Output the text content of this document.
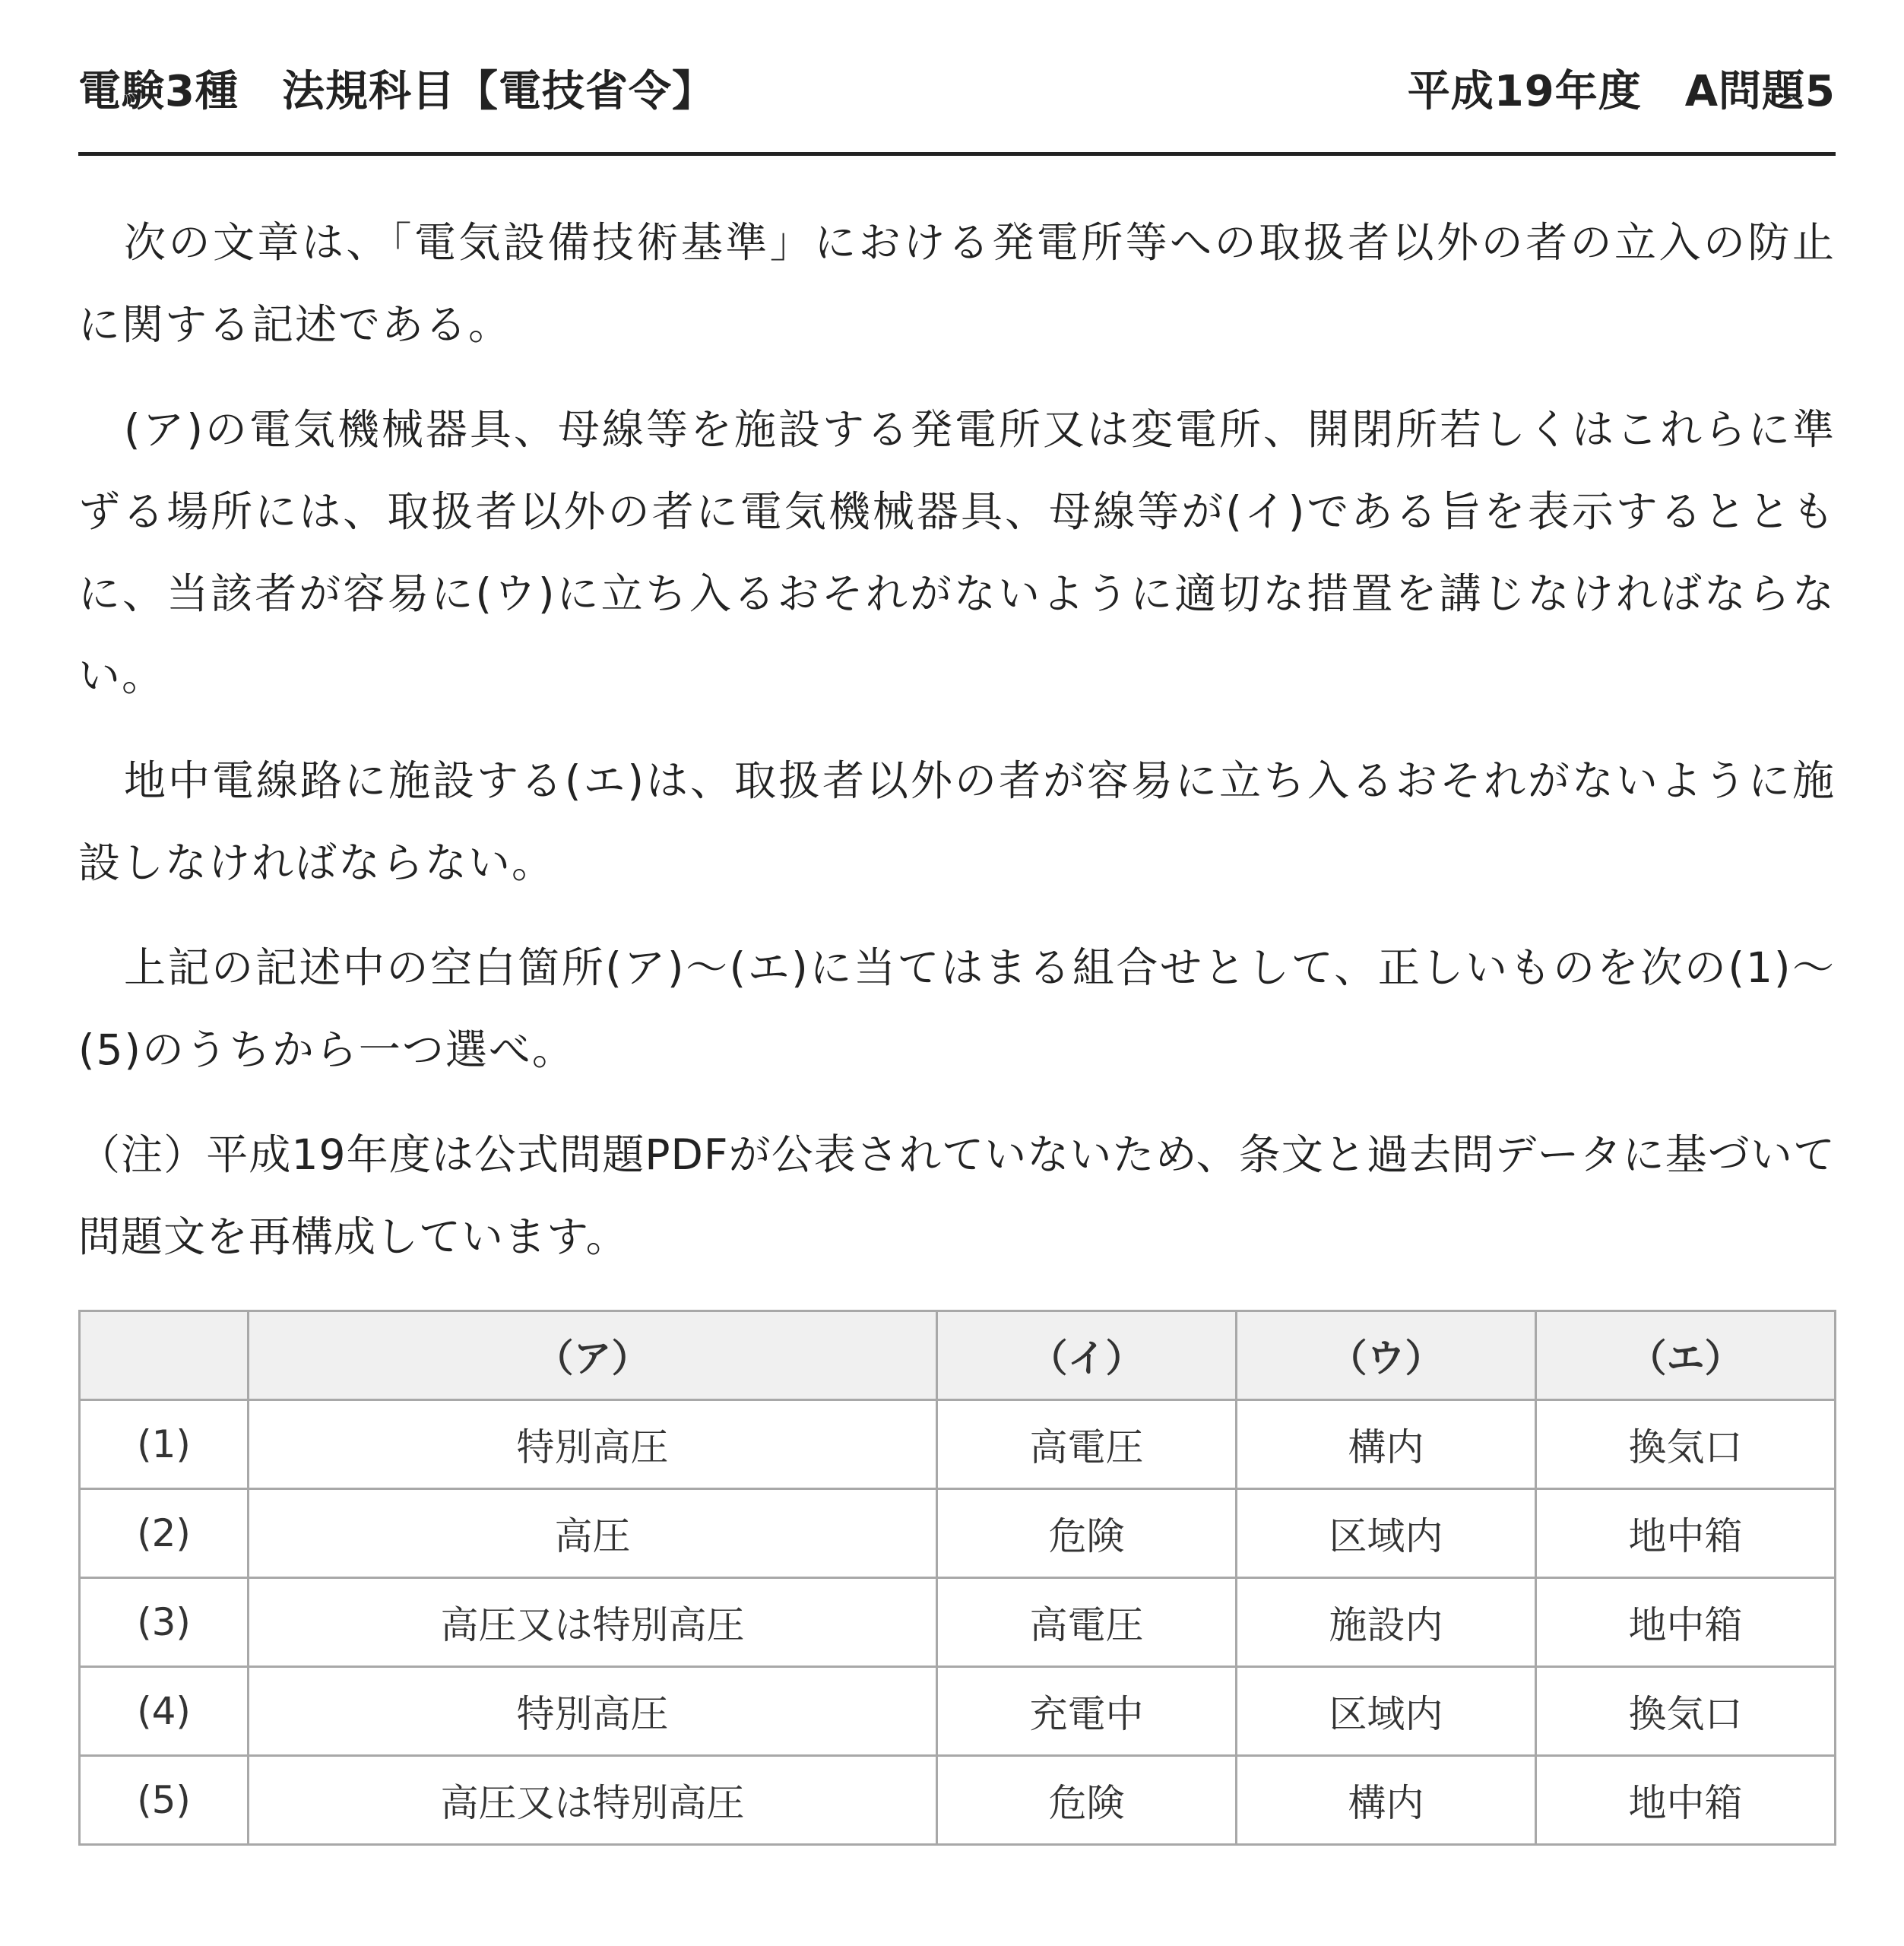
電験3種　法規科目【電技省令】	平成19年度　A問題5

次の文章は、「電気設備技術基準」における発電所等への取扱者以外の者の立入の防止に関する記述である。

(ア)の電気機械器具、母線等を施設する発電所又は変電所、開閉所若しくはこれらに準ずる場所には、取扱者以外の者に電気機械器具、母線等が(イ)である旨を表示するとともに、当該者が容易に(ウ)に立ち入るおそれがないように適切な措置を講じなければならない。

地中電線路に施設する(エ)は、取扱者以外の者が容易に立ち入るおそれがないように施設しなければならない。

上記の記述中の空白箇所(ア)〜(エ)に当てはまる組合せとして、正しいものを次の(1)〜(5)のうちから一つ選べ。

（注）平成19年度は公式問題PDFが公表されていないため、条文と過去問データに基づいて問題文を再構成しています。

	（ア）	（イ）	（ウ）	（エ）
(1)	特別高圧	高電圧	構内	換気口
(2)	高圧	危険	区域内	地中箱
(3)	高圧又は特別高圧	高電圧	施設内	地中箱
(4)	特別高圧	充電中	区域内	換気口
(5)	高圧又は特別高圧	危険	構内	地中箱
